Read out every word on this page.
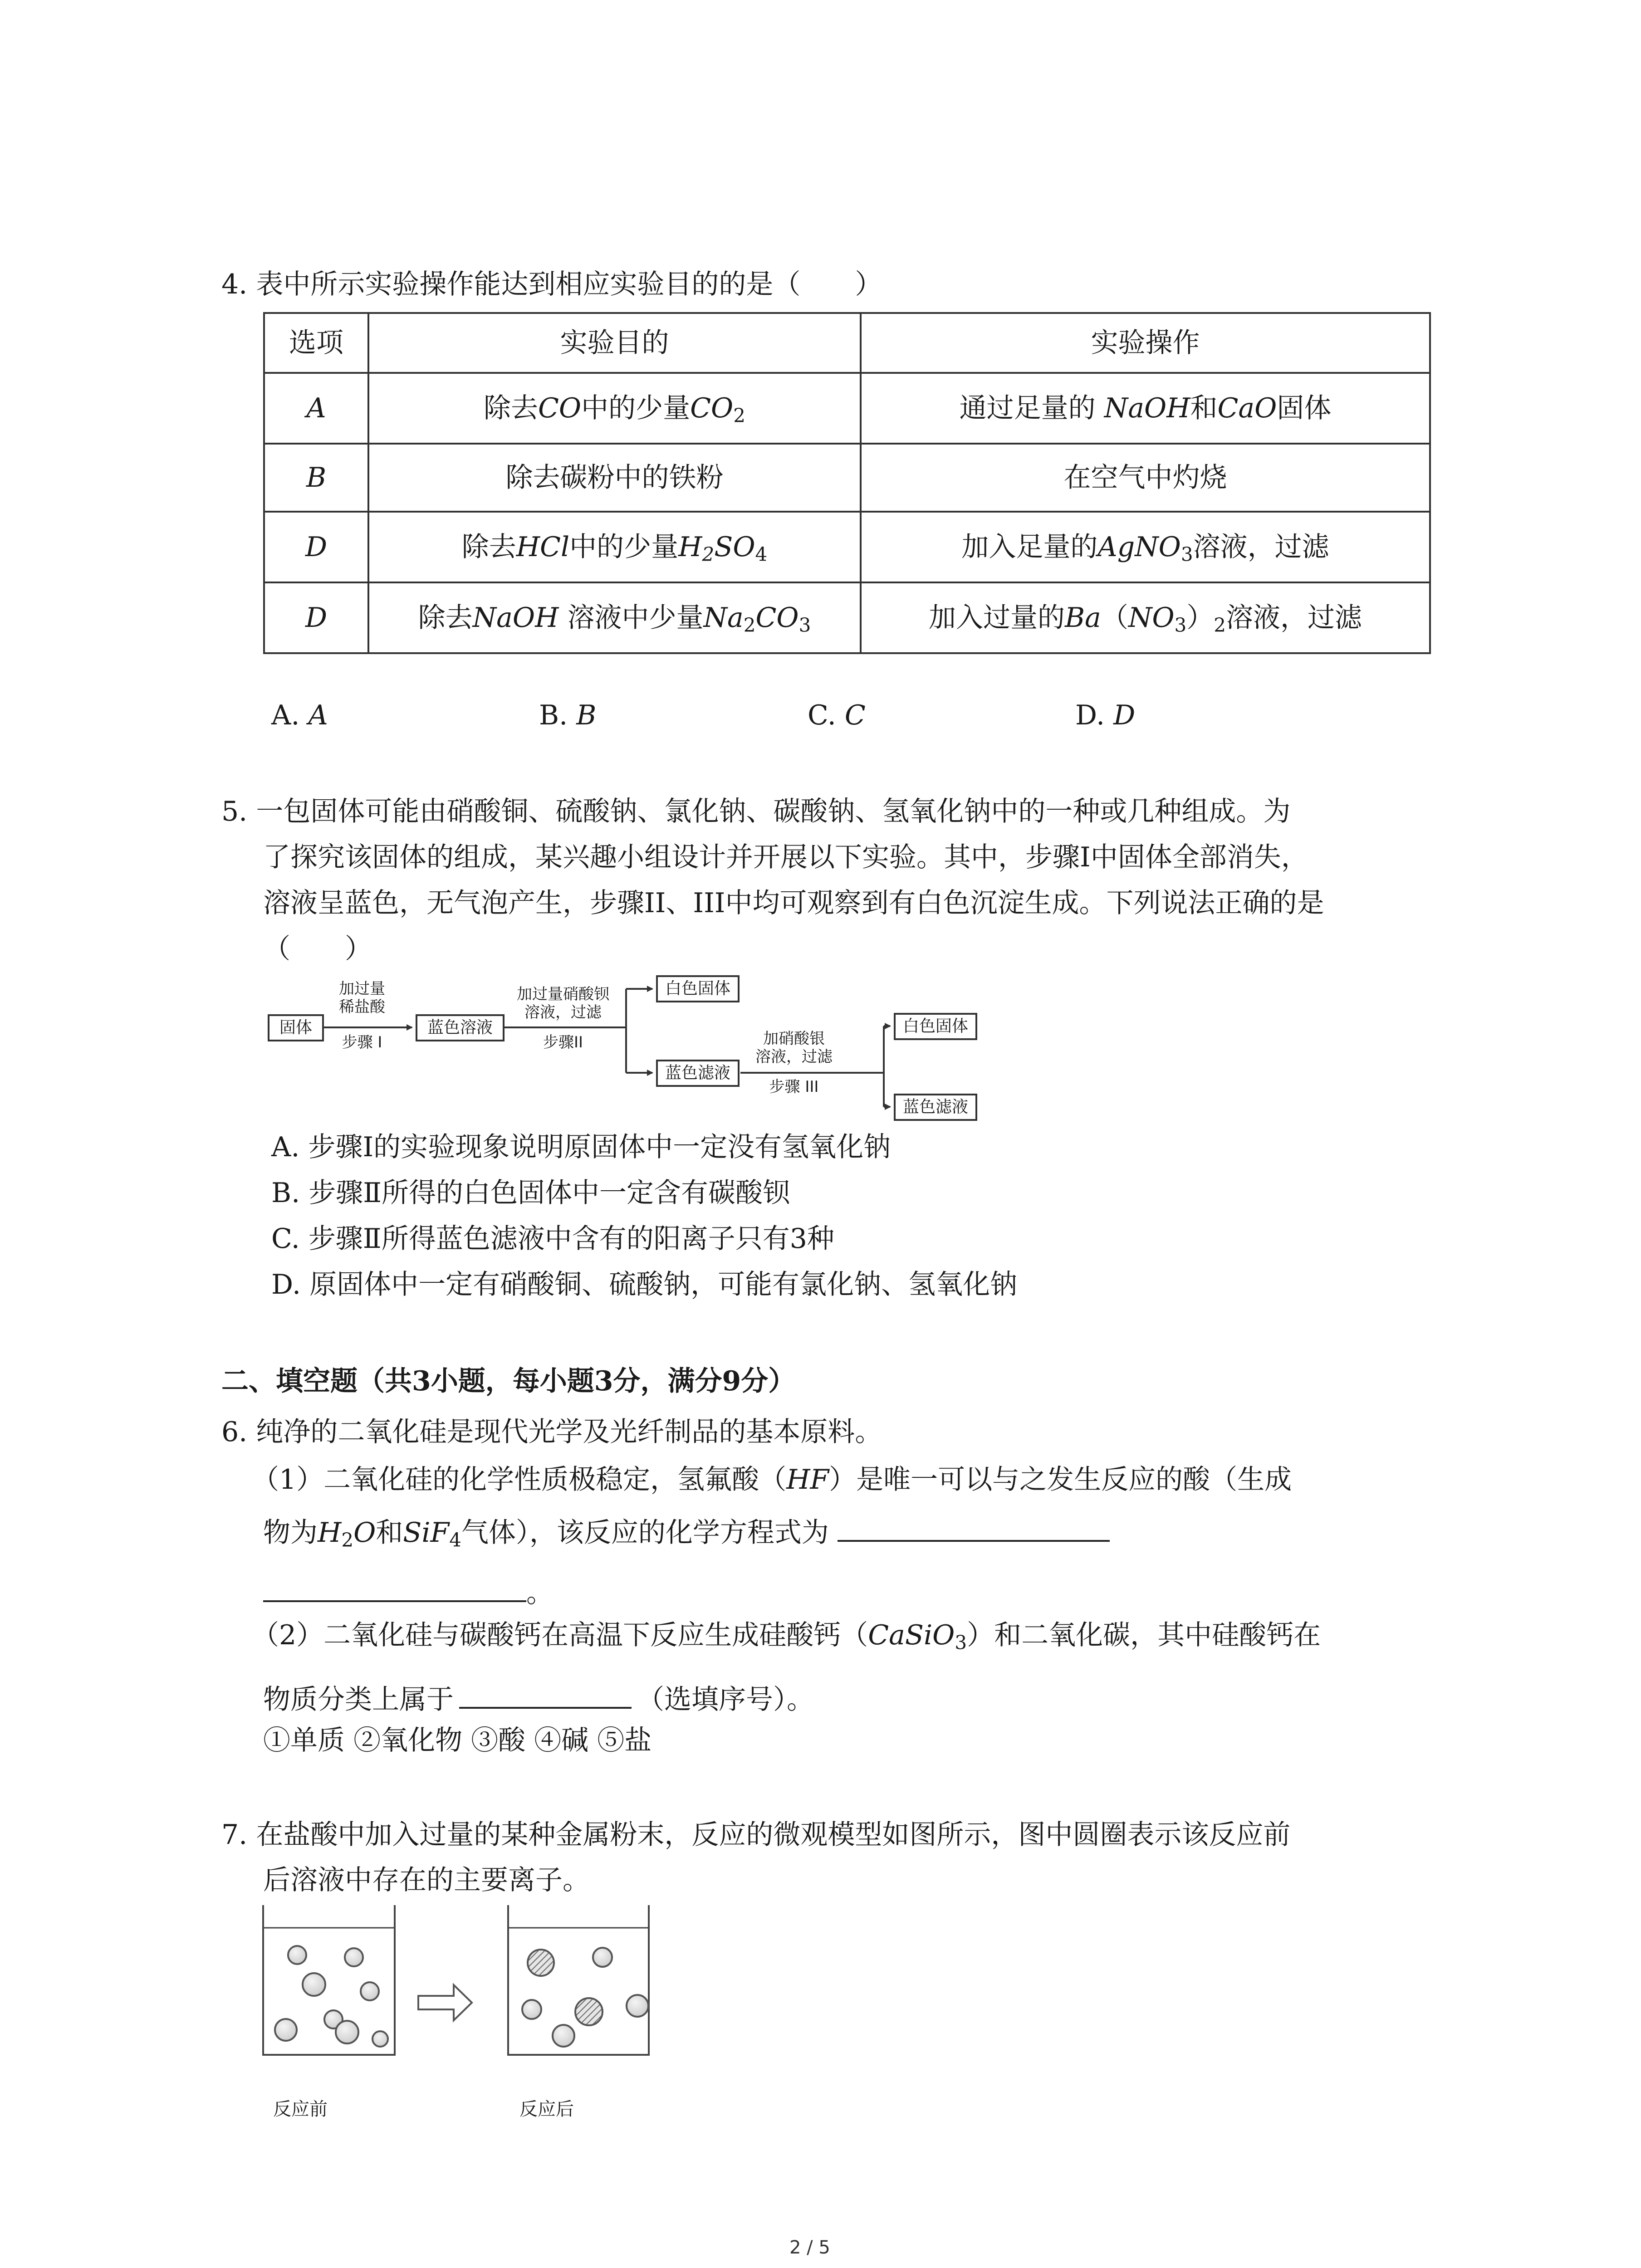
4. 表中所示实验操作能达到相应实验目的的是（　　）
选项	实验目的	实验操作
A	除去CO中的少量$CO_2$	通过足量的 NaOH和CaO固体
B	除去碳粉中的铁粉	在空气中灼烧
D	除去HCl中的少量$H_2SO_4$	加入足量的AgNO$_3$溶液，过滤
D	除去NaOH 溶液中少量$Na_2CO_3$	加入过量的$Ba(NO_3)_2$溶液，过滤
A. A	B. B	C. C	D. D
5. 一包固体可能由硝酸铜、硫酸钠、氯化钠、碳酸钠、氢氧化钠中的一种或几种组成。为
了探究该固体的组成，某兴趣小组设计并开展以下实验。其中，步骤I中固体全部消失，
溶液呈蓝色，无气泡产生，步骤II、III中均可观察到有白色沉淀生成。下列说法正确的是
（　　）
固体
加过量
稀盐酸
步骤 I
蓝色溶液
加过量硝酸钡
溶液，过滤
步骤II
白色固体
蓝色滤液
加硝酸银
溶液，过滤
步骤 III
白色固体
蓝色滤液
A. 步骤Ⅰ的实验现象说明原固体中一定没有氢氧化钠
B. 步骤Ⅱ所得的白色固体中一定含有碳酸钡
C. 步骤Ⅱ所得蓝色滤液中含有的阳离子只有3种
D. 原固体中一定有硝酸铜、硫酸钠，可能有氯化钠、氢氧化钠
二、填空题（共3小题，每小题3分，满分9分）
6. 纯净的二氧化硅是现代光学及光纤制品的基本原料。
（1）二氧化硅的化学性质极稳定，氢氟酸（HF）是唯一可以与之发生反应的酸（生成
物为$H_2O$和SiF$_4$气体），该反应的化学方程式为
。
（2）二氧化硅与碳酸钙在高温下反应生成硅酸钙（CaSiO$_3$）和二氧化碳，其中硅酸钙在
物质分类上属于	（选填序号）。
①单质 ②氧化物 ③酸 ④碱 ⑤盐
7. 在盐酸中加入过量的某种金属粉末，反应的微观模型如图所示，图中圆圈表示该反应前
后溶液中存在的主要离子。
反应前	反应后
2 / 5
